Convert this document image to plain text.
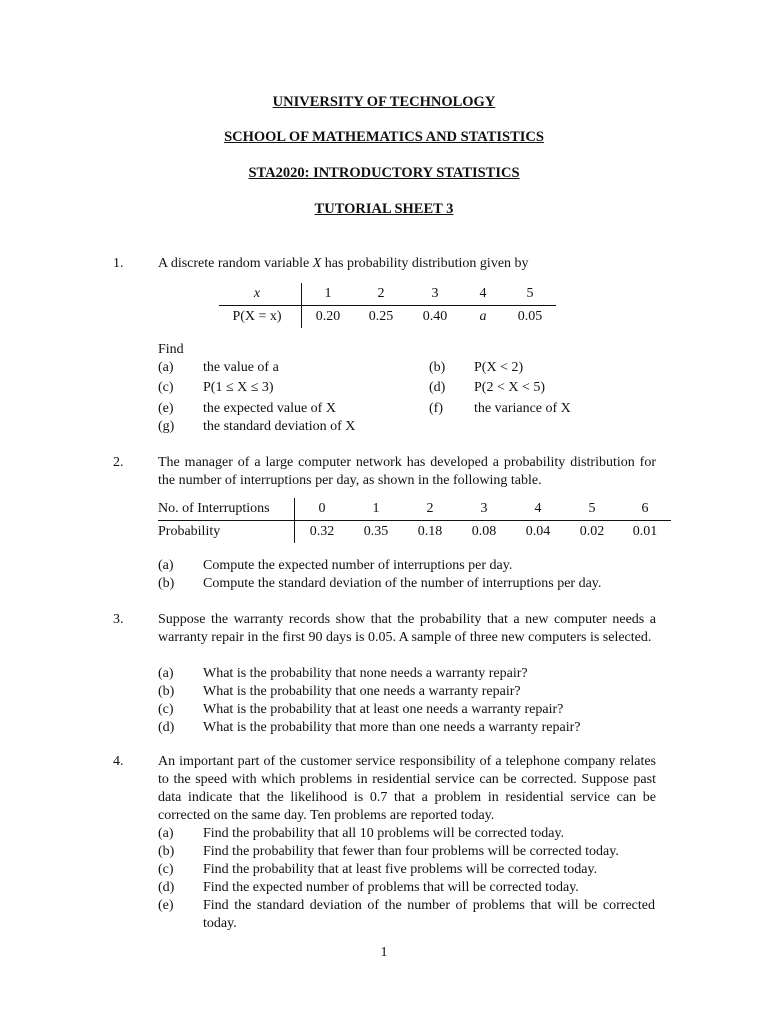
UNIVERSITY OF TECHNOLOGY
SCHOOL OF MATHEMATICS AND STATISTICS
STA2020: INTRODUCTORY STATISTICS
TUTORIAL SHEET 3
1. A discrete random variable X has probability distribution given by
x	1	2	3	4	5
P(X = x)	0.20	0.25	0.40	a	0.05
Find
(a) the value of a	(b) P(X < 2)
(c) P(1 ≤ X ≤ 3)	(d) P(2 < X < 5)
(e) the expected value of X	(f) the variance of X
(g) the standard deviation of X
2. The manager of a large computer network has developed a probability distribution for the number of interruptions per day, as shown in the following table.
No. of Interruptions	0	1	2	3	4	5	6
Probability	0.32	0.35	0.18	0.08	0.04	0.02	0.01
(a) Compute the expected number of interruptions per day.
(b) Compute the standard deviation of the number of interruptions per day.
3. Suppose the warranty records show that the probability that a new computer needs a warranty repair in the first 90 days is 0.05. A sample of three new computers is selected.
(a) What is the probability that none needs a warranty repair?
(b) What is the probability that one needs a warranty repair?
(c) What is the probability that at least one needs a warranty repair?
(d) What is the probability that more than one needs a warranty repair?
4. An important part of the customer service responsibility of a telephone company relates to the speed with which problems in residential service can be corrected. Suppose past data indicate that the likelihood is 0.7 that a problem in residential service can be corrected on the same day. Ten problems are reported today.
(a) Find the probability that all 10 problems will be corrected today.
(b) Find the probability that fewer than four problems will be corrected today.
(c) Find the probability that at least five problems will be corrected today.
(d) Find the expected number of problems that will be corrected today.
(e) Find the standard deviation of the number of problems that will be corrected today.
1
